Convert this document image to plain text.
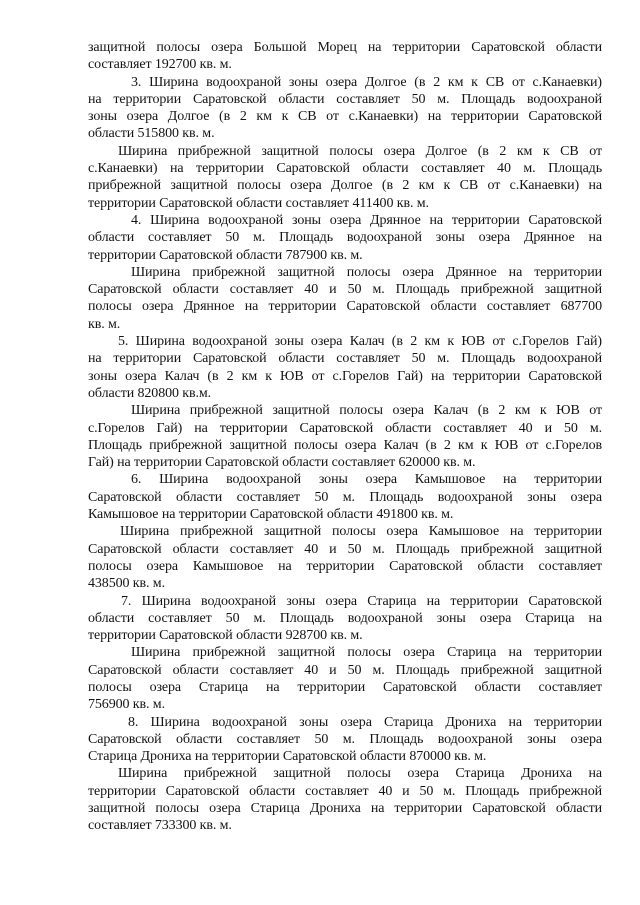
защитной полосы озера Большой Морец на территории Саратовской области
составляет 192700 кв. м.
3. Ширина водоохраной зоны озера Долгое (в 2 км к СВ от с.Канаевки)
на территории Саратовской области составляет 50 м. Площадь водоохраной
зоны озера Долгое (в 2 км к СВ от с.Канаевки) на территории Саратовской
области 515800 кв. м.
Ширина прибрежной защитной полосы озера Долгое (в 2 км к СВ от
с.Канаевки) на территории Саратовской области составляет 40 м. Площадь
прибрежной защитной полосы озера Долгое (в 2 км к СВ от с.Канаевки) на
территории Саратовской области составляет 411400 кв. м.
4. Ширина водоохраной зоны озера Дрянное на территории Саратовской
области составляет 50 м. Площадь водоохраной зоны озера Дрянное на
территории Саратовской области 787900 кв. м.
Ширина прибрежной защитной полосы озера Дрянное на территории
Саратовской области составляет 40 и 50 м. Площадь прибрежной защитной
полосы озера Дрянное на территории Саратовской области составляет 687700
кв. м.
5. Ширина водоохраной зоны озера Калач (в 2 км к ЮВ от с.Горелов Гай)
на территории Саратовской области составляет 50 м. Площадь водоохраной
зоны озера Калач (в 2 км к ЮВ от с.Горелов Гай) на территории Саратовской
области 820800 кв.м.
Ширина прибрежной защитной полосы озера Калач (в 2 км к ЮВ от
с.Горелов Гай) на территории Саратовской области составляет 40 и 50 м.
Площадь прибрежной защитной полосы озера Калач (в 2 км к ЮВ от с.Горелов
Гай) на территории Саратовской области составляет 620000 кв. м.
6. Ширина водоохраной зоны озера Камышовое на территории
Саратовской области составляет 50 м. Площадь водоохраной зоны озера
Камышовое на территории Саратовской области 491800 кв. м.
Ширина прибрежной защитной полосы озера Камышовое на территории
Саратовской области составляет 40 и 50 м. Площадь прибрежной защитной
полосы озера Камышовое на территории Саратовской области составляет
438500 кв. м.
7. Ширина водоохраной зоны озера Старица на территории Саратовской
области составляет 50 м. Площадь водоохраной зоны озера Старица на
территории Саратовской области 928700 кв. м.
Ширина прибрежной защитной полосы озера Старица на территории
Саратовской области составляет 40 и 50 м. Площадь прибрежной защитной
полосы озера Старица на территории Саратовской области составляет
756900 кв. м.
8. Ширина водоохраной зоны озера Старица Дрониха на территории
Саратовской области составляет 50 м. Площадь водоохраной зоны озера
Старица Дрониха на территории Саратовской области 870000 кв. м.
Ширина прибрежной защитной полосы озера Старица Дрониха на
территории Саратовской области составляет 40 и 50 м. Площадь прибрежной
защитной полосы озера Старица Дрониха на территории Саратовской области
составляет 733300 кв. м.
